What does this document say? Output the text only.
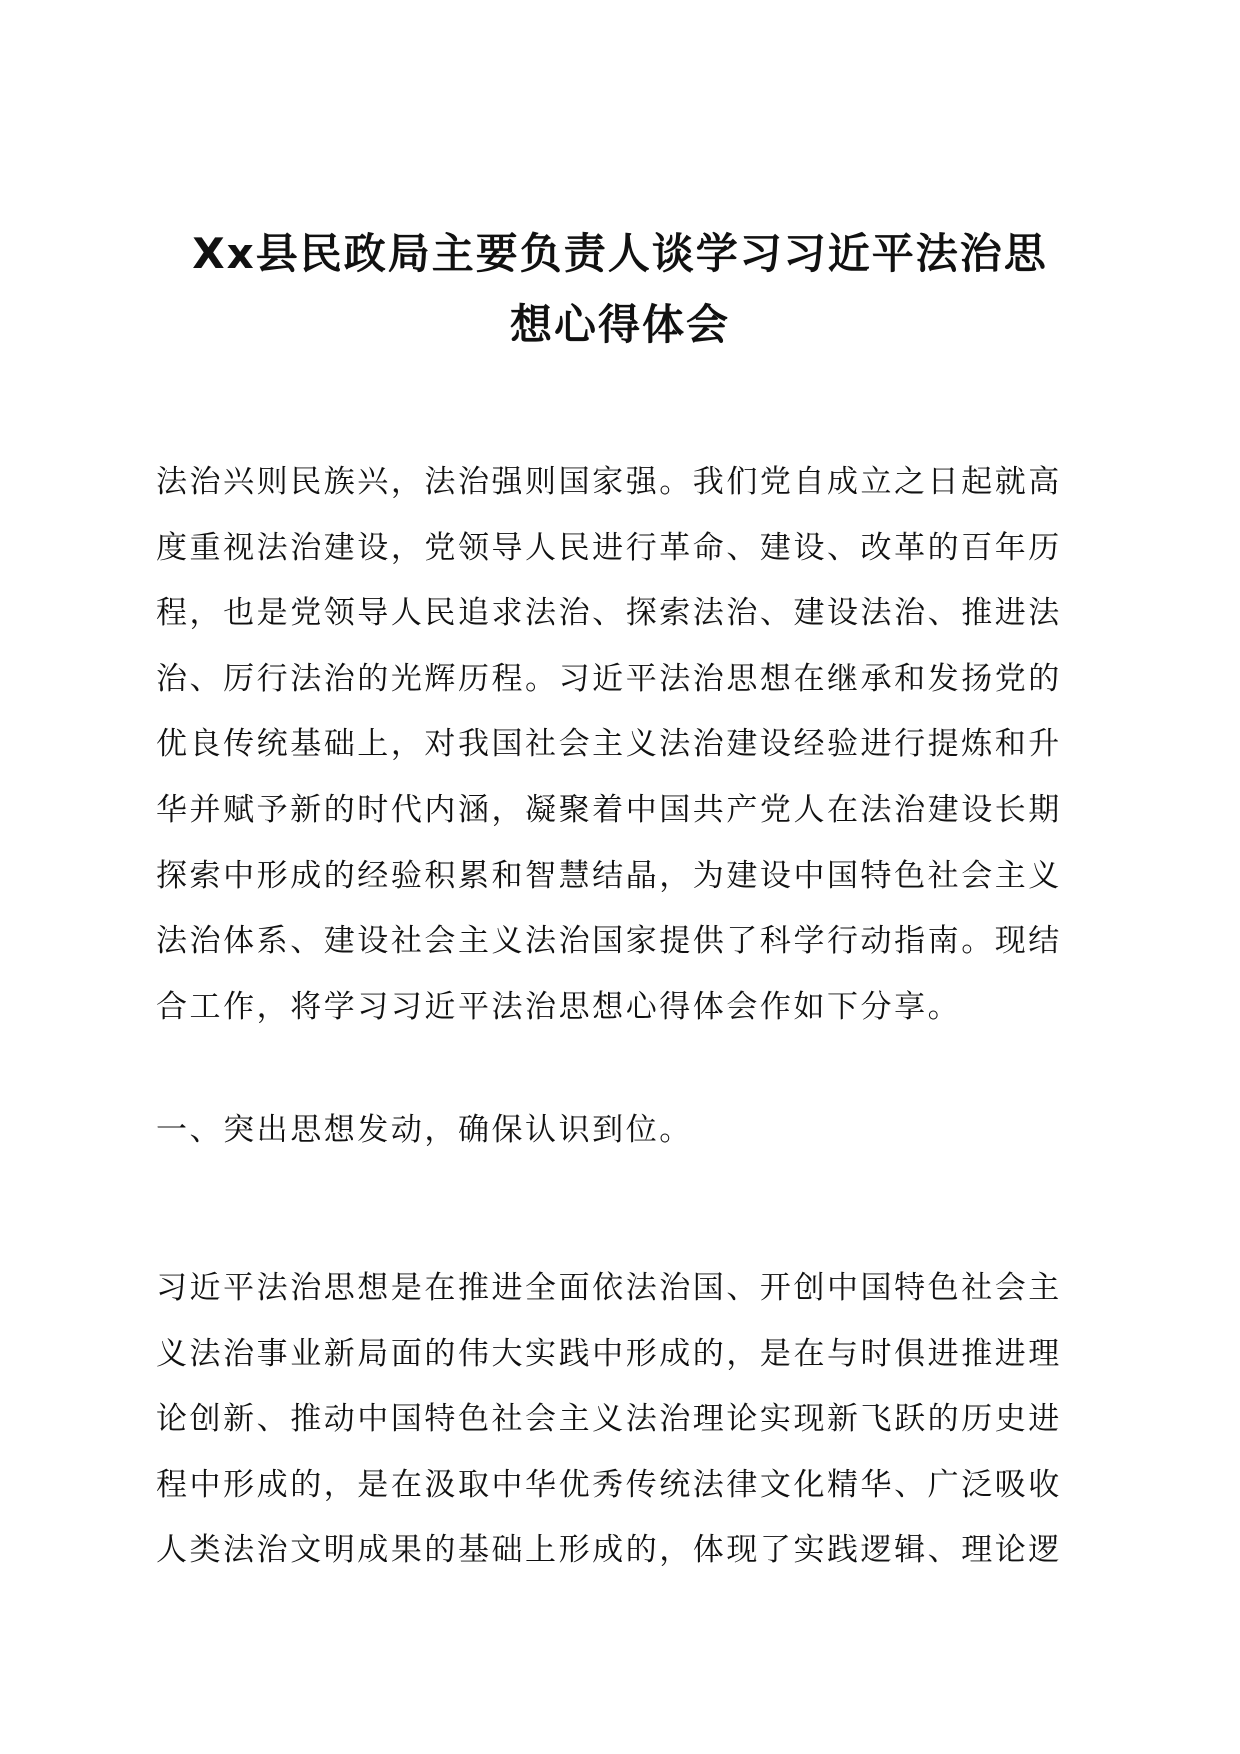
Xx县民政局主要负责人谈学习习近平法治思
想心得体会
法治兴则民族兴，法治强则国家强。我们党自成立之日起就高
度重视法治建设，党领导人民进行革命、建设、改革的百年历
程，也是党领导人民追求法治、探索法治、建设法治、推进法
治、厉行法治的光辉历程。习近平法治思想在继承和发扬党的
优良传统基础上，对我国社会主义法治建设经验进行提炼和升
华并赋予新的时代内涵，凝聚着中国共产党人在法治建设长期
探索中形成的经验积累和智慧结晶，为建设中国特色社会主义
法治体系、建设社会主义法治国家提供了科学行动指南。现结
合工作，将学习习近平法治思想心得体会作如下分享。
一、突出思想发动，确保认识到位。
习近平法治思想是在推进全面依法治国、开创中国特色社会主
义法治事业新局面的伟大实践中形成的，是在与时俱进推进理
论创新、推动中国特色社会主义法治理论实现新飞跃的历史进
程中形成的，是在汲取中华优秀传统法律文化精华、广泛吸收
人类法治文明成果的基础上形成的，体现了实践逻辑、理论逻
